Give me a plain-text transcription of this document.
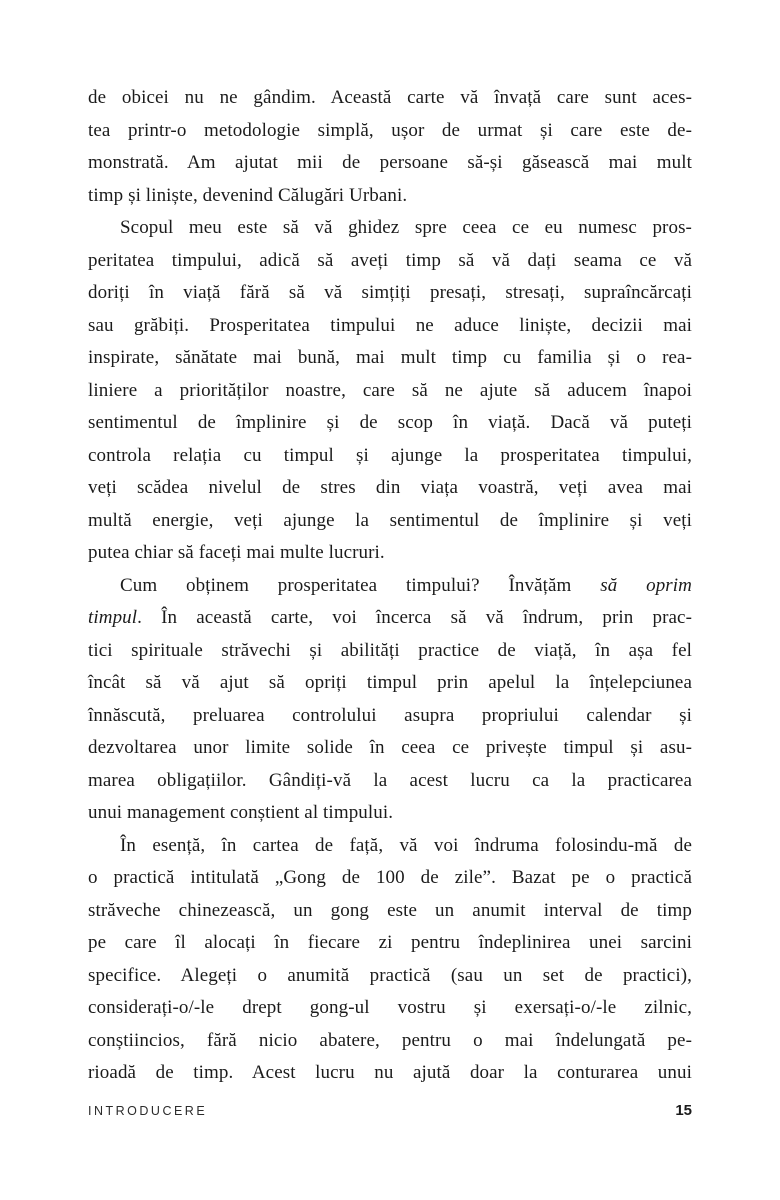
de obicei nu ne gândim. Această carte vă învață care sunt aces-
tea printr-o metodologie simplă, ușor de urmat și care este de-
monstrată. Am ajutat mii de persoane să-și găsească mai mult
timp și liniște, devenind Călugări Urbani.
Scopul meu este să vă ghidez spre ceea ce eu numesc pros-
peritatea timpului, adică să aveți timp să vă dați seama ce vă
doriți în viață fără să vă simțiți presați, stresați, supraîncărcați
sau grăbiți. Prosperitatea timpului ne aduce liniște, decizii mai
inspirate, sănătate mai bună, mai mult timp cu familia și o rea-
liniere a priorităților noastre, care să ne ajute să aducem înapoi
sentimentul de împlinire și de scop în viață. Dacă vă puteți
controla relația cu timpul și ajunge la prosperitatea timpului,
veți scădea nivelul de stres din viața voastră, veți avea mai
multă energie, veți ajunge la sentimentul de împlinire și veți
putea chiar să faceți mai multe lucruri.
Cum obținem prosperitatea timpului? Învățăm să oprim
timpul. În această carte, voi încerca să vă îndrum, prin prac-
tici spirituale străvechi și abilități practice de viață, în așa fel
încât să vă ajut să opriți timpul prin apelul la înțelepciunea
înnăscută, preluarea controlului asupra propriului calendar și
dezvoltarea unor limite solide în ceea ce privește timpul și asu-
marea obligațiilor. Gândiți-vă la acest lucru ca la practicarea
unui management conștient al timpului.
În esență, în cartea de față, vă voi îndruma folosindu-mă de
o practică intitulată „Gong de 100 de zile”. Bazat pe o practică
străveche chinezească, un gong este un anumit interval de timp
pe care îl alocați în fiecare zi pentru îndeplinirea unei sarcini
specifice. Alegeți o anumită practică (sau un set de practici),
considerați-o/-le drept gong-ul vostru și exersați-o/-le zilnic,
conștiincios, fără nicio abatere, pentru o mai îndelungată pe-
rioadă de timp. Acest lucru nu ajută doar la conturarea unui
INTRODUCERE	15
